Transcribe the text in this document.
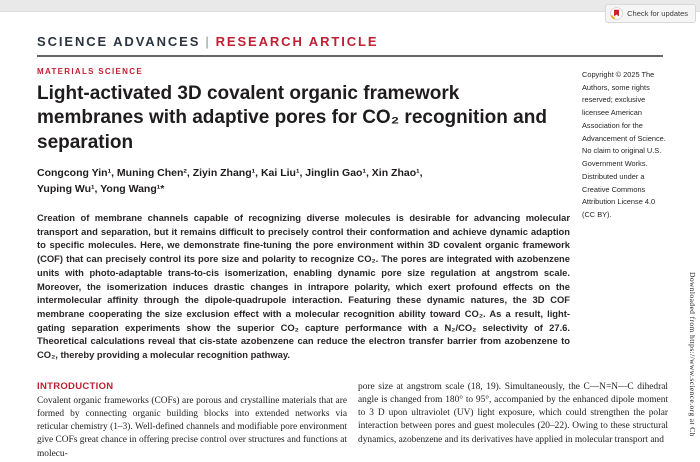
Check for updates
SCIENCE ADVANCES | RESEARCH ARTICLE
MATERIALS SCIENCE
Light-activated 3D covalent organic framework membranes with adaptive pores for CO₂ recognition and separation
Congcong Yin¹, Muning Chen², Ziyin Zhang¹, Kai Liu¹, Jinglin Gao¹, Xin Zhao¹,
Yuping Wu¹, Yong Wang¹*

Creation of membrane channels capable of recognizing diverse molecules is desirable for advancing molecular transport and separation, but it remains difficult to precisely control their conformation and achieve dynamic adaption to specific molecules. Here, we demonstrate fine-tuning the pore environment within 3D covalent organic framework (COF) that can precisely control its pore size and polarity to recognize CO₂. The pores are integrated with azobenzene units with photo-adaptable trans-to-cis isomerization, enabling dynamic pore size regulation at angstrom scale. Moreover, the isomerization induces drastic changes in intrapore polarity, which exert profound effects on the intermolecular affinity through the dipole-quadrupole interaction. Featuring these dynamic natures, the 3D COF membrane cooperating the size exclusion effect with a molecular recognition ability toward CO₂. As a result, light-gating separation experiments show the superior CO₂ capture performance with a N₂/CO₂ selectivity of 27.6. Theoretical calculations reveal that cis-state azobenzene can reduce the electron transfer barrier from azobenzene to CO₂, thereby providing a molecular recognition pathway.

Copyright © 2025 The Authors, some rights reserved; exclusive licensee American Association for the Advancement of Science. No claim to original U.S. Government Works. Distributed under a Creative Commons Attribution License 4.0 (CC BY).
INTRODUCTION

Covalent organic frameworks (COFs) are porous and crystalline materials that are formed by connecting organic building blocks into extended networks via reticular chemistry (1–3). Well-defined channels and modifiable pore environment give COFs great chance in offering precise control over structures and functions at molecu-

pore size at angstrom scale (18, 19). Simultaneously, the C—N=N—C dihedral angle is changed from 180° to 95°, accompanied by the enhanced dipole moment to 3 D upon ultraviolet (UV) light exposure, which could strengthen the polar interaction between pores and guest molecules (20–22). Owing to these structural dynamics, azobenzene and its derivatives have applied in molecular transport and

Downloaded from https://www.science.org at Ch
